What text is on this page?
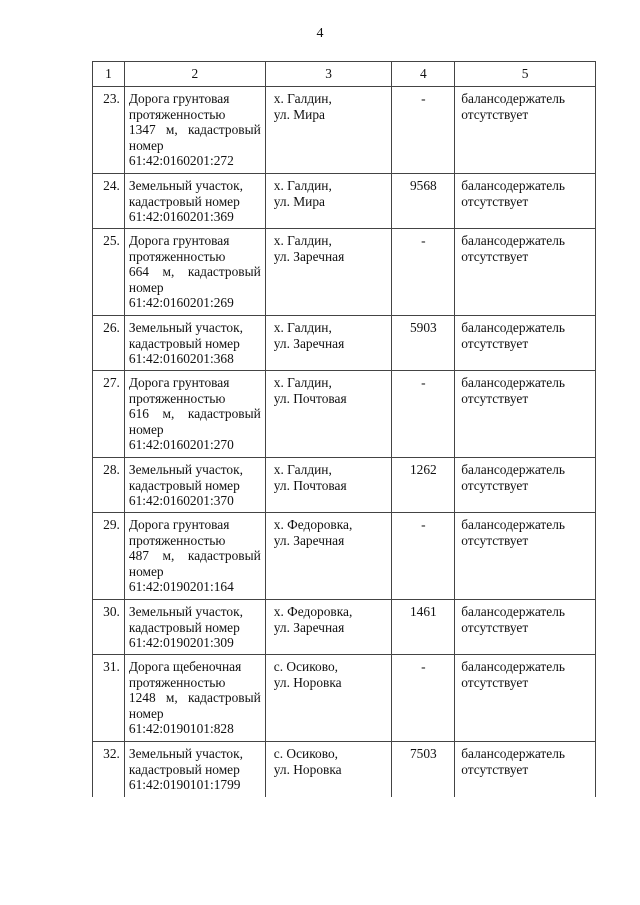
4
1	2	3	4	5
23.	Дорога грунтовая
протяженностью
1347 м, кадастровый
номер
61:42:0160201:272	х. Галдин,
ул. Мира	-	балансодержатель
отсутствует

24.	Земельный участок,
кадастровый номер
61:42:0160201:369	х. Галдин,
ул. Мира	9568	балансодержатель
отсутствует

25.	Дорога грунтовая
протяженностью
664 м, кадастровый
номер
61:42:0160201:269	х. Галдин,
ул. Заречная	-	балансодержатель
отсутствует

26.	Земельный участок,
кадастровый номер
61:42:0160201:368	х. Галдин,
ул. Заречная	5903	балансодержатель
отсутствует

27.	Дорога грунтовая
протяженностью
616 м, кадастровый
номер
61:42:0160201:270	х. Галдин,
ул. Почтовая	-	балансодержатель
отсутствует

28.	Земельный участок,
кадастровый номер
61:42:0160201:370	х. Галдин,
ул. Почтовая	1262	балансодержатель
отсутствует

29.	Дорога грунтовая
протяженностью
487 м, кадастровый
номер
61:42:0190201:164	х. Федоровка,
ул. Заречная	-	балансодержатель
отсутствует

30.	Земельный участок,
кадастровый номер
61:42:0190201:309	х. Федоровка,
ул. Заречная	1461	балансодержатель
отсутствует

31.	Дорога щебеночная
протяженностью
1248 м, кадастровый
номер
61:42:0190101:828	с. Осиково,
ул. Норовка	-	балансодержатель
отсутствует

32.	Земельный участок,
кадастровый номер
61:42:0190101:1799	с. Осиково,
ул. Норовка	7503	балансодержатель
отсутствует
